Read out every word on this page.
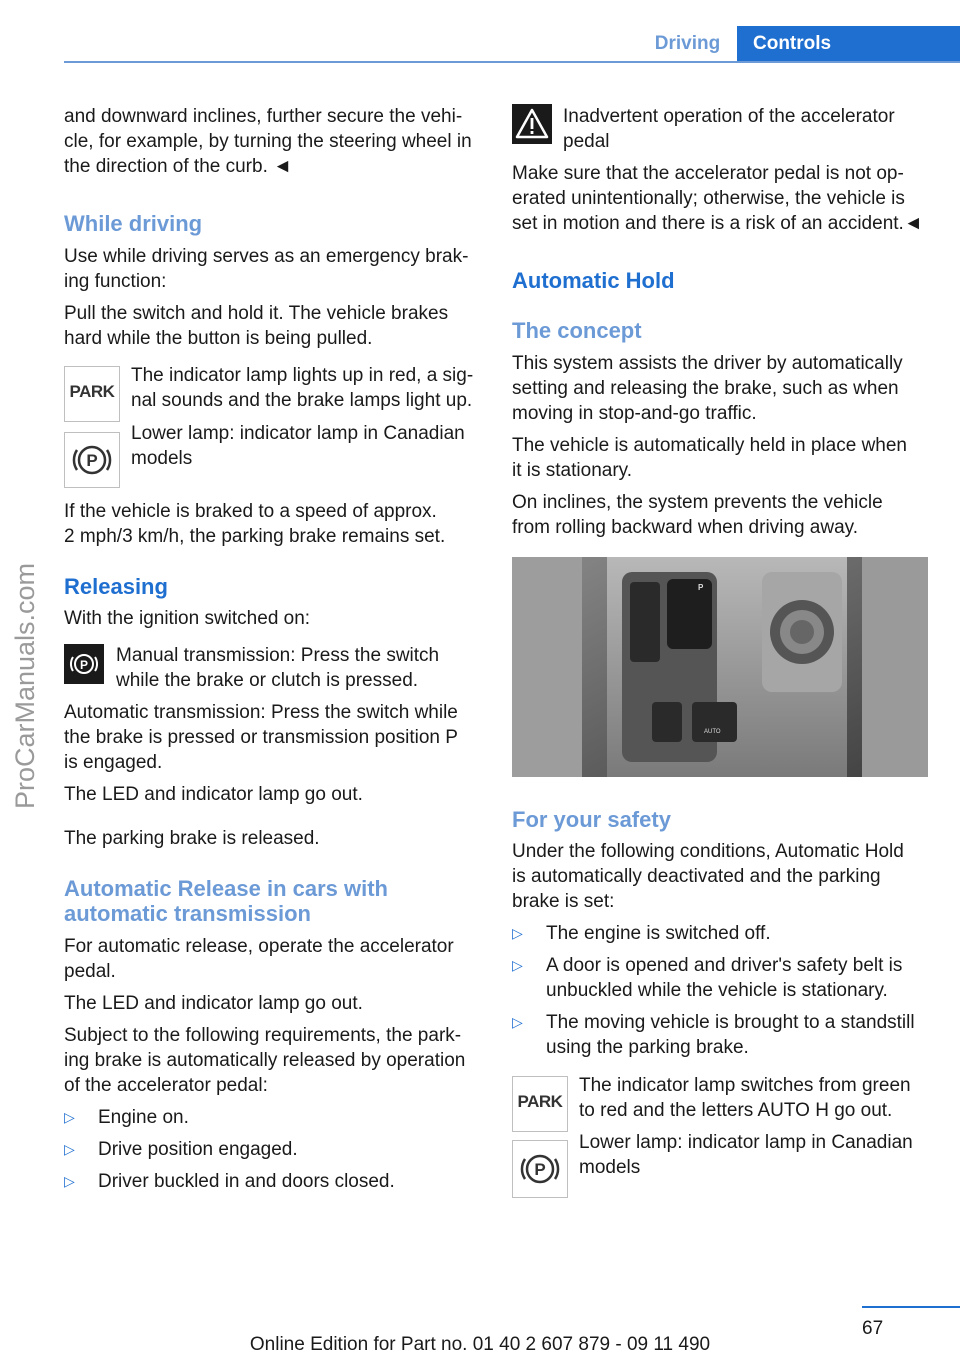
Driving	Controls
ProCarManuals.com

and downward inclines, further secure the vehi-

cle, for example, by turning the steering wheel in

the direction of the curb. ◄

While driving

Use while driving serves as an emergency brak-

ing function:

Pull the switch and hold it. The vehicle brakes

hard while the button is being pulled.

PARK

The indicator lamp lights up in red, a sig-

nal sounds and the brake lamps light up.

P

Lower lamp: indicator lamp in Canadian

models

If the vehicle is braked to a speed of approx.

2 mph/3 km/h, the parking brake remains set.

Releasing

With the ignition switched on:

P Manual transmission: Press the switch

while the brake or clutch is pressed.

Automatic transmission: Press the switch while

the brake is pressed or transmission position P

is engaged.

The LED and indicator lamp go out.

The parking brake is released.

Automatic Release in cars with
automatic transmission

For automatic release, operate the accelerator

pedal.

The LED and indicator lamp go out.

Subject to the following requirements, the park-

ing brake is automatically released by operation

of the accelerator pedal:

▷ Engine on.

▷ Drive position engaged.

▷ Driver buckled in and doors closed.

Inadvertent operation of the accelerator

pedal

Make sure that the accelerator pedal is not op-

erated unintentionally; otherwise, the vehicle is

set in motion and there is a risk of an accident.◄

Automatic Hold
The concept

This system assists the driver by automatically

setting and releasing the brake, such as when

moving in stop-and-go traffic.

The vehicle is automatically held in place when

it is stationary.

On inclines, the system prevents the vehicle

from rolling backward when driving away.

P
AUTO
For your safety

Under the following conditions, Automatic Hold

is automatically deactivated and the parking

brake is set:

▷ The engine is switched off.

▷ A door is opened and driver's safety belt is

unbuckled while the vehicle is stationary.

▷ The moving vehicle is brought to a standstill

using the parking brake.

PARK

The indicator lamp switches from green

to red and the letters AUTO H go out.

P

Lower lamp: indicator lamp in Canadian

models

67
Online Edition for Part no. 01 40 2 607 879 - 09 11 490
